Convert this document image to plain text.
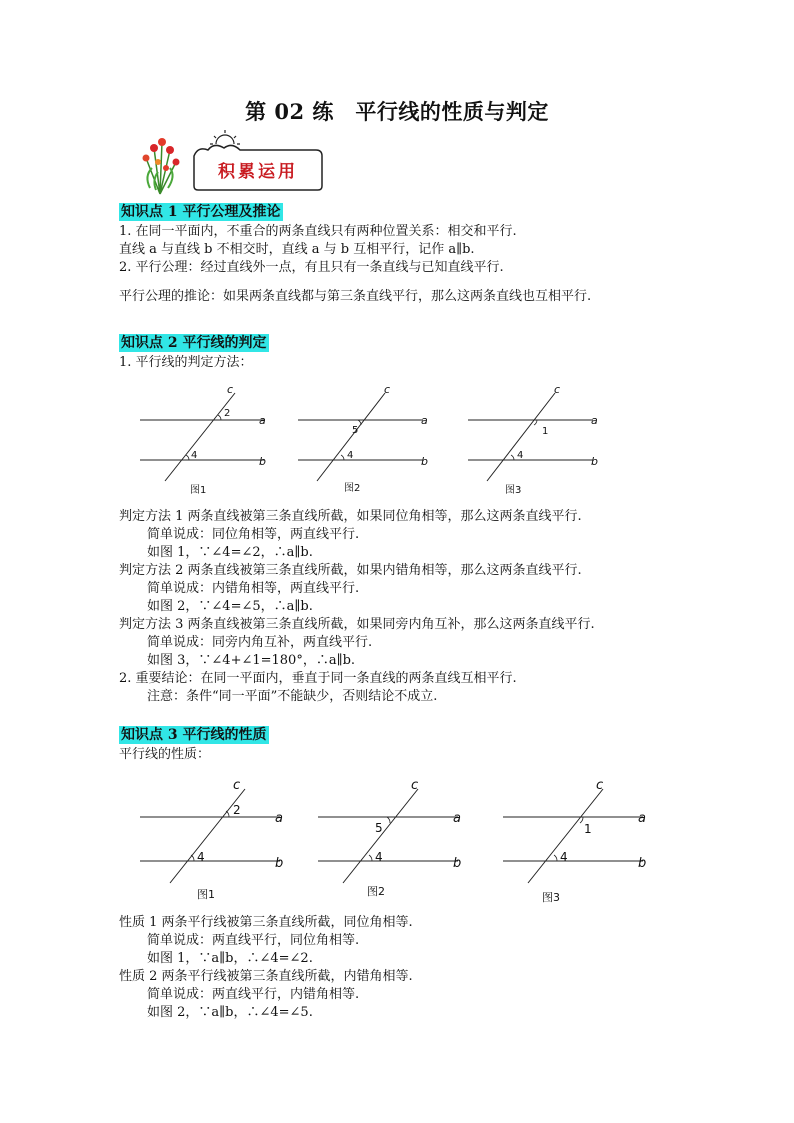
第 02 练　平行线的性质与判定
积累运用
知识点 1 平行公理及推论
1. 在同一平面内，不重合的两条直线只有两种位置关系：相交和平行.
直线 a 与直线 b 不相交时，直线 a 与 b 互相平行，记作 a∥b.
2. 平行公理：经过直线外一点，有且只有一条直线与已知直线平行.
平行公理的推论：如果两条直线都与第三条直线平行，那么这两条直线也互相平行.
知识点 2 平行线的判定
1. 平行线的判定方法：
c
a
b
2
4
图1
c
a
b
5
4
图2
c
a
b
1
4
图3
判定方法 1 两条直线被第三条直线所截，如果同位角相等，那么这两条直线平行.
简单说成：同位角相等，两直线平行.
如图 1，∵∠4=∠2，∴a∥b.
判定方法 2 两条直线被第三条直线所截，如果内错角相等，那么这两条直线平行.
简单说成：内错角相等，两直线平行.
如图 2，∵∠4=∠5，∴a∥b.
判定方法 3 两条直线被第三条直线所截，如果同旁内角互补，那么这两条直线平行.
简单说成：同旁内角互补，两直线平行.
如图 3，∵∠4+∠1=180°，∴a∥b.
2. 重要结论：在同一平面内，垂直于同一条直线的两条直线互相平行.
注意：条件“同一平面”不能缺少，否则结论不成立.
知识点 3 平行线的性质
平行线的性质：
c
a
b
2
4
图1
c
a
b
5
4
图2
c
a
b
1
4
图3
性质 1 两条平行线被第三条直线所截，同位角相等.
简单说成：两直线平行，同位角相等.
如图 1，∵a∥b，∴∠4=∠2.
性质 2 两条平行线被第三条直线所截，内错角相等.
简单说成：两直线平行，内错角相等.
如图 2，∵a∥b，∴∠4=∠5.
